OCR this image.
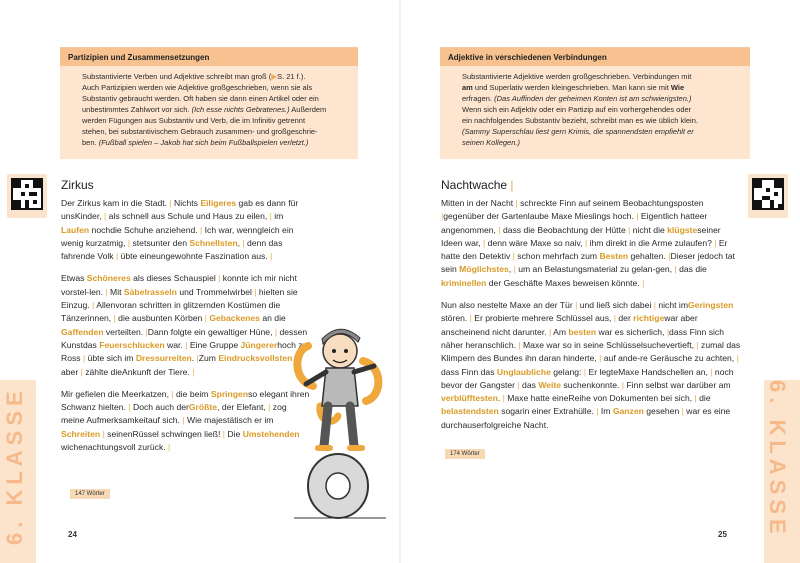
6. KLASSE	6. KLASSE
Partizipien und Zusammensetzungen
Substantivierte Verben und Adjektive schreibt man groß (▶S. 21 f.).
Auch Partizipien werden wie Adjektive großgeschrieben, wenn sie als
Substantiv gebraucht werden. Oft haben sie dann einen Artikel oder ein
unbestimmtes Zahlwort vor sich. (Ich esse nichts Gebratenes.) Außerdem
werden Fügungen aus Substantiv und Verb, die im Infinitiv getrennt
stehen, bei substantivischem Gebrauch zusammen- und großgeschrie-
ben. (Fußball spielen – Jakob hat sich beim Fußballspielen verletzt.)
Adjektive in verschiedenen Verbindungen
Substantivierte Adjektive werden großgeschrieben. Verbindungen mit
am und Superlativ werden kleingeschrieben. Man kann sie mit Wie
erfragen. (Das Auffinden der geheimen Konten ist am schwierigsten.)
Wenn sich ein Adjektiv oder ein Partizip auf ein vorhergehendes oder
ein nachfolgendes Substantiv bezieht, schreibt man es wie üblich klein.
(Sammy Superschlau liest gern Krimis, die spannendsten empfiehlt er
seinen Kollegen.)
Zirkus	Nachtwache |

Der Zirkus kam in die Stadt. | Nichts Eiligeres gab es dann für unsKinder, | als schnell aus Schule und Haus zu eilen, | im Laufen nochdie Schuhe anziehend. | Ich war, wenngleich ein wenig kurzatmig, | stetsunter den Schnellsten, | denn das fahrende Volk | übte eineungewohnte Faszination aus. |

Etwas Schöneres als dieses Schauspiel | konnte ich mir nicht vorstel-len. | Mit Säbelrasseln und Trommelwirbel | hielten sie Einzug. | Allenvoran schritten in glitzernden Kostümen die Tänzerinnen, | die ausbunten Körben | Gebackenes an die Gaffenden verteilten. |Dann folgte ein gewaltiger Hüne, | dessen Kunstdas Feuerschlucken war. | Eine Gruppe Jüngererhoch zu Ross | übte sich im Dressurreiten. |Zum Eindrucksvollsten aber | zählte dieAnkunft der Tiere. |

Mir gefielen die Meerkatzen, | die beim Springenso elegant ihren Schwanz hielten. | Doch auch derGrößte, der Elefant, | zog meine Aufmerksamkeitauf sich. | Wie majestätisch er im Schreiten | seinenRüssel schwingen ließ! | Die Umstehenden wichenachtungsvoll zurück. |

Mitten in der Nacht | schreckte Finn auf seinem Beobachtungsposten |gegenüber der Gartenlaube Maxe Mieslings hoch. | Eigentlich hatteer angenommen, | dass die Beobachtung der Hütte | nicht die klügsteseiner Ideen war, | denn wäre Maxe so naiv, | ihm direkt in die Arme zulaufen? | Er hatte den Detektiv | schon mehrfach zum Besten gehalten. |Dieser jedoch tat sein Möglichstes, | um an Belastungsmaterial zu gelan-gen, | das die kriminellen der Geschäfte Maxes beweisen könnte. |

Nun also nestelte Maxe an der Tür | und ließ sich dabei | nicht imGeringsten stören. | Er probierte mehrere Schlüssel aus, | der richtigewar aber anscheinend nicht darunter. | Am besten war es sicherlich, |dass Finn sich näher heranschlich. | Maxe war so in seine Schlüsselsuchevertieft, | zumal das Klimpern des Bundes ihn daran hinderte, | auf ande-re Geräusche zu achten, | dass Finn das Unglaubliche gelang: | Er legteMaxe Handschellen an, | noch bevor der Gangster | das Weite suchenkonnte. | Finn selbst war darüber am verblüfftesten. | Maxe hatte eineReihe von Dokumenten bei sich, | die belastendsten sogarin einer Extrahülle. | Im Ganzen gesehen | war es eine durchauserfolgreiche Nacht.

147 Wörter
174 Wörter
24	25
